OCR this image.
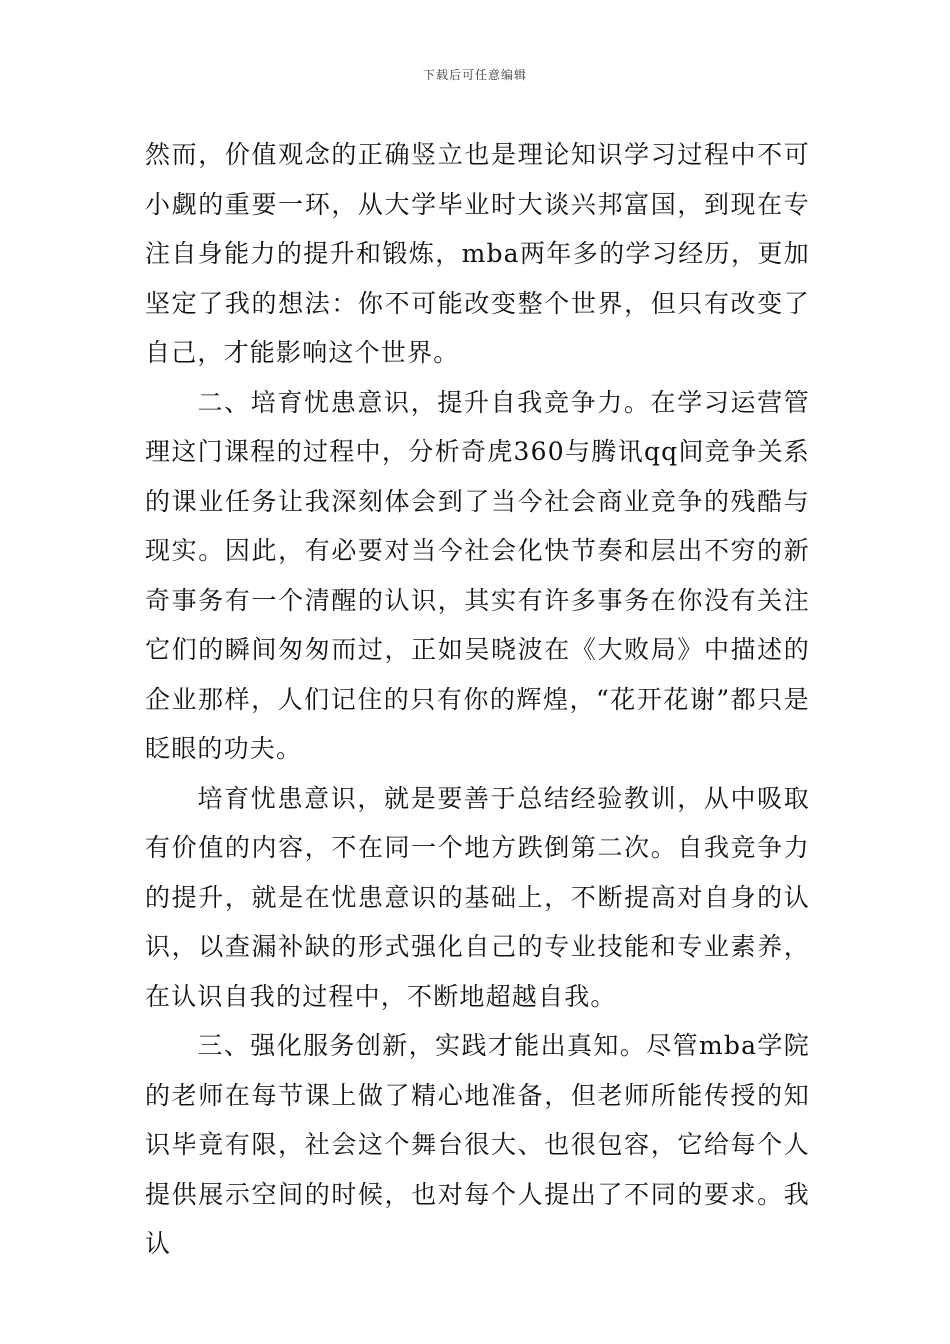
下载后可任意编辑

然而，价值观念的正确竖立也是理论知识学习过程中不可小觑的重要一环，从大学毕业时大谈兴邦富国，到现在专注自身能力的提升和锻炼，mba两年多的学习经历，更加坚定了我的想法：你不可能改变整个世界，但只有改变了自己，才能影响这个世界。

二、培育忧患意识，提升自我竞争力。在学习运营管理这门课程的过程中，分析奇虎360与腾讯qq间竞争关系的课业任务让我深刻体会到了当今社会商业竞争的残酷与现实。因此，有必要对当今社会化快节奏和层出不穷的新奇事务有一个清醒的认识，其实有许多事务在你没有关注它们的瞬间匆匆而过，正如吴晓波在《大败局》中描述的企业那样，人们记住的只有你的辉煌，“花开花谢”都只是眨眼的功夫。

培育忧患意识，就是要善于总结经验教训，从中吸取有价值的内容，不在同一个地方跌倒第二次。自我竞争力的提升，就是在忧患意识的基础上，不断提高对自身的认识，以查漏补缺的形式强化自己的专业技能和专业素养，在认识自我的过程中，不断地超越自我。

三、强化服务创新，实践才能出真知。尽管mba学院的老师在每节课上做了精心地准备，但老师所能传授的知识毕竟有限，社会这个舞台很大、也很包容，它给每个人提供展示空间的时候，也对每个人提出了不同的要求。我认
